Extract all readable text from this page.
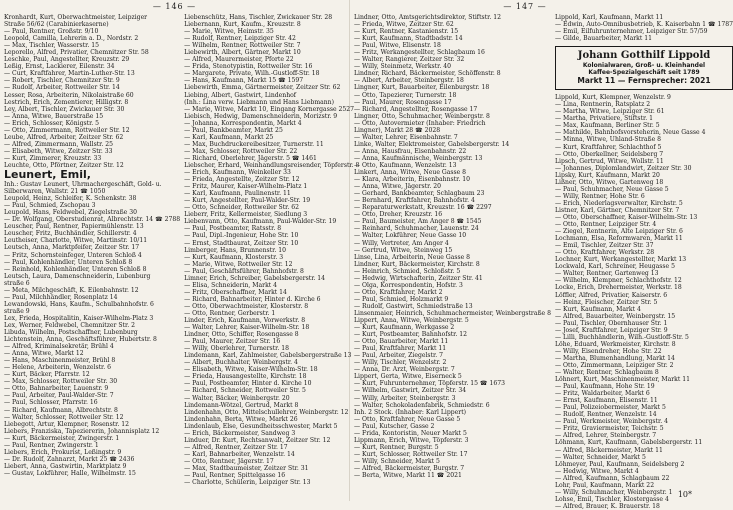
— 146 —
Kronhardt, Kurt, Oberwachtmeister, Leipziger
Straße 56/62 (Carabinierkaserne)
— Paul, Rentner, Großstr. 9/10
Leopold, Camilla, Lehrerin a. D., Nordstr. 2
— Max, Tischler, Wasserstr. 15
Leporello, Alfred, Privatier, Chemnitzer Str. 58
Leschke, Paul, Angestellter, Kreuzstr. 29
Leßig, Ernst, Lackierer, Eilenstr. 34
— Curt, Kraftfahrer, Martin-Luther-Str. 13
— Robert, Tischler, Chemnitzer Str. 9
— Rudolf, Arbeiter, Rottweiler Str. 14
Lesser, Rosa, Arbeiterin, Nikolaistraße 60
Lestrich, Erich, Zementierer, Hilligstr. 8
Ley, Albert, Tischler, Zwickauer Str. 30
— Anna, Witwe, Bauerstraße 15
— Erich, Schlosser, Königstr. 5
— Otto, Zimmermann, Rottweiler Str. 12
Leube, Alfred, Arbeiter, Zeitzer Str. 62
— Alfred, Zimmermann, Wallstr. 25
— Elisabeth, Witwe, Zeitzer Str. 33
— Kurt, Zimmerer, Kreuzstr. 33
Leuchte, Otto, Pförtner, Zeitzer Str. 12
Leunert, Emil,
Inh.: Gustav Leunert, Uhrmachergeschäft, Gold- u.
Silberwaren, Wallstr. 21 ☎ 1050
Leupold, Heinz, Schleifer, K. Schenkstr. 38
— Paul, Schmied, Zschopau 3
Leupold, Hans, Feldwebel, Ziegelstraße 30
— Dr. Wolfgang, Oberstudienrat, Albrechtstr. 14 ☎ 2788
Leuscher, Paul, Rentner, Papiermühlenstr. 13
Leuscher, Fritz, Buchhändler, Schillerstr. 4
Leutheiser, Charlotte, Witwe, Martinstr. 10/11
Leutsch, Anna, Marktpfeifer, Zeitzer Str. 17
— Fritz, Schornsteinfeger, Unteren Schloß 4
— Paul, Kohlenhändler, Unteren Schloß 8
— Reinhold, Kohlenhändler, Unteren Schloß 8
Leutsch, Laura, Damenschneiderin, Lubenburg
straße 6
— Meta, Milchgeschäft, K. Eilenbahnstr. 12
— Paul, Milchhändler, Rosenplatz 14
Lewandowski, Hans, Kaufm., Schulbahnhofstr. 6
straße 9
Lex, Frieda, Hospitalitin, Kaiser-Wilhelm-Platz 3
Lex, Werner, Feldwebel, Chemnitzer Str. 2
Libuda, Wilhelm, Postschaffner, Lubenburg
Lichtenstein, Anna, Geschäftsführer, Hubertstr. 8
— Alfred, Kriminalsekretär, Brühl 4
— Anna, Witwe, Markt 12
— Hans, Maschinenmeister, Brühl 8
— Helene, Arbeiterin, Wenzelstr. 6
— Kurt, Bäcker, Pfarrstr. 12
— Max, Schlosser, Rottweiler Str. 30
— Otto, Bahnarbeiter, Lauenstr. 9
— Paul, Arbeiter, Paul-Walder-Str. 7
— Paul, Schlosser, Pfarrstr. 16
— Richard, Kaufmann, Albrechtstr. 8
— Walter, Schlosser, Rottweiler Str. 12
Liebegott, Artur, Klempner, Rosenstr. 12
Liebers, Franziska, Tapeziererin, Johannisplatz 12
— Kurt, Bäckermeister, Zwingerstr. 1
— Paul, Rentner, Zwingerstr. 1
Liebers, Erich, Prokurist, Leßingstr. 9
— Dr. Rudolf, Zahnarzt, Markt 25 ☎ 2436
Liebert, Anna, Gastwirtin, Marktplatz 9
— Gustav, Lokführer, Halle, Wilhelmstr. 15
Liebenschütz, Hans, Tischler, Zwickauer Str. 28
Liebernann, Kurt, Kaufm., Kreuzstr. 8
— Marie, Witwe, Heimstr. 35
— Rudolf, Rentner, Leipziger Str. 42
— Wilhelm, Rentner, Rottweiler Str. 7
Liebewirth, Albert, Gärtner, Markt 10
— Alfred, Maurermeister, Pforte 22
— Frida, Stenotypistin, Rottweiler Str. 16
— Margarete, Private, Wilh.-Gustloff-Str. 18
— Hans, Kaufmann, Markt 15 ☎ 1597
Liebewirth, Emma, Gärtnermeister, Zeitzer Str. 62
Liebing, Albert, Gastwirt, Lindenhof
(Inh.: Lina verw. Liebmann und Hans Liebmann)
— Marie, Witwe, Markt 10, Eingang Kornergasse 2527
Liebisch, Hedwig, Damenschneiderin, Morizstr. 9
— Johanna, Korrespondentin, Markt 4
— Paul, Bankbeamter, Markt 25
— Karl, Kaufmann, Markt 25
— Max, Buchdruckereibesitzer, Turnerstr. 11
— Max, Schlosser, Rottweiler Str. 22
— Richard, Oberlehrer, Jägerstr. 5 ☎ 1461
Liebscher, Erhard, Weinhandlungsreisender, Töpferstr. 8
— Erich, Kaufmann, Weinkeller 33
— Frieda, Angestellte, Zeitzer Str. 12
— Fritz, Maurer, Kaiser-Wilhelm-Platz 1
— Karl, Kaufmann, Paulinenstr. 11
— Kurt, Angestellter, Paul-Walder-Str. 19
— Otto, Schneider, Rottweiler Str. 62
Lieberr, Fritz, Kellermeister, Siedlung 3
Liebenvann, Otto, Kaufmann, Paul-Walder-Str. 19
— Paul, Postbeamter, Ratsstr. 8
— Paul, Dipl.-Ingenieur, Hohe Str. 10
— Ernst, Stadtbaurat, Zeitzer Str. 10
Limberger, Hans, Brunnenstr. 10
— Kurt, Kaufmann, Klosterstr. 3
— Marie, Witwe, Rottweiler Str. 12
— Paul, Geschäftsführer, Bahnhofstr. 8
Limner, Erich, Schreiber, Gabelsbergerstr. 14
— Elisa, Schneiderin, Markt 4
— Fritz, Oberschaffner, Markt 14
— Richard, Bahnarbeiter, Hinter d. Kirche 6
— Otto, Oberwachtmeister, Klosterstr. 8
— Otto, Rentner, Gerberstr. 1
Linder, Erich, Kaufmann, Vorwerkstr. 8
— Walter, Lehrer, Kaiser-Wilhelm-Str. 18
Lindner, Otto, Schiffer, Rosengasse 8
— Paul, Maurer, Zeitzer Str. 16
— Willy, Oberlehrer, Turnerstr. 18
Lindemann, Karl, Zahlmeister, Gabelsbergerstraße 13
— Albert, Buchhalter, Weinbergstr. 4
— Elisabeth, Witwe, Kaiser-Wilhelm-Str. 18
— Frieda, Hausangestellte, Kirchstr. 18
— Paul, Postbeamter, Hinter d. Kirche 10
— Richard, Schneider, Rottweiler Str. 5
— Walter, Bäcker, Weinbergstr. 20
Lindemann-Wötzel, Gertrud, Markt 8
Lindenhahn, Otto, Mittelschullehrer, Weinbergstr. 12
Lindenhahn, Berta, Witwe, Markt 26
Lindenlaub, Else, Gesundheitsschwester, Markt 5
— Erich, Bäckermeister, Sandweg 3
Linduer, Dr. Kurt, Rechtsanwalt, Zeitzer Str. 12
— Alfred, Rentner, Zeitzer Str. 17
— Karl, Bahnarbeiter, Wenzelstr. 14
— Otto, Rentner, Jägerstr. 17
— Max, Stadtbaumeister, Zeitzer Str. 31
— Paul, Rentner, Spittelgasse 16
— Charlotte, Schülerin, Leipziger Str. 13
— 147 —
Lindner, Otto, Amtsgerichtsdirektor, Stiftstr. 12
— Frieda, Witwe, Zeitzer Str. 62
— Kurt, Rentner, Kastanienstr. 15
— Kurt, Kaufmann, Stadtbadstr. 14
— Paul, Witwe, Elisenstr. 18
— Fritz, Werkangestellter, Schlagbaum 16
— Walter, Rangierer, Zeitzer Str. 32
— Willy, Steinmetz, Werkstr. 40
Lindner, Richard, Bäckermeister, Schöffenstr. 8
— Albert, Arbeiter, Steinbergstr. 18
Lingner, Kurt, Bauarbeiter, Eilenburgstr. 18
— Otto, Tapezierer, Turnerstr. 18
— Paul, Maurer, Rosengasse 17
— Richard, Angestellter, Rosengasse 17
Lingner, Otto, Schuhmacher, Weinbergstr. 8
— Otto, Autovermieter (Inhaber: Friedrich
Lingner), Markt 28 ☎ 2028
— Walter, Lehrer, Eisenbahnstr. 7
Linke, Walter, Elektromeister, Gabelsbergerstr. 14
— Anna, Hausfrau, Eisenbahnstr. 22
— Anna, Kaufmännische, Weinbergstr. 13
— Otto, Kaufmann, Wenzelstr. 13
Linkert, Anna, Witwe, Neue Gasse 8
— Klara, Arbeiterin, Eisenbahnstr. 10
— Anna, Witwe, Jägerstr. 20
— Gerhard, Bankbeamter, Schlagbaum 23
— Bernhard, Kraftfahrer, Bahnhofstr. 4
— Reparaturwerkstatt, Kreuzstr. 16 ☎ 2297
— Otto, Dreher, Kreuzstr. 16
— Paul, Baumeister, Am Anger 8 ☎ 1545
— Reinhard, Schuhmacher, Lauenstr. 24
— Walter, Lokführer, Neue Gasse 10
— Willy, Vertreter, Am Anger 4
— Gertrud, Witwe, Steinweg 15
Linse, Lina, Arbeiterin, Neue Gasse 8
Lindner, Kurt, Bäckermeister, Kirchstr. 8
— Heinrich, Schmied, Schloßstr. 5
— Hedwig, Wirtschafterin, Zeitzer Str. 41
— Olga, Korrespondentin, Hofstr. 3
— Otto, Kraftfahrer, Markt 2
— Paul, Schmied, Holzmarkt 9
— Rudolf, Gastwirt, Schmiedstraße 13
Linsenmaier, Heinrich, Schuhmachermeister, Weinbergstraße 8
Lippert, Anna, Witwe, Weinbergstr. 5
— Kurt, Kaufmann, Werkgasse 2
— Kurt, Postbeamter, Bahnhofstr. 12
— Otto, Bauarbeiter, Markt 11
— Paul, Kraftfahrer, Markt 11
— Paul, Arbeiter, Ziegelstr. 7
— Willy, Tischler, Wenzelstr. 2
— Anna, Dr. Arzt, Weinbergstr. 7
Lippert, Gerta, Witwe, Eiserneck 5
— Kurt, Fuhrunternehmer, Töpferstr. 15 ☎ 1673
— Wilhelm, Gastwirt, Zeitzer Str. 34
— Willy, Arbeiter, Steinbergstr. 3
— Walter, Schokoladenfabrik, Schmiedstr. 6
Inh. 2 Stock. (Inhaber: Karl Lippert)
— Otto, Kraftfahrer, Neue Gasse 5
— Paul, Kutscher, Gasse 2
— Frida, Kontoristin, Neuer Markt 5
Lippmann, Erich, Witwe, Töpferstr. 3
— Kurt, Rentner, Burgstr. 5
— Kurt, Schlosser, Rottweiler Str. 17
— Willy, Schneider, Markt 5
— Alfred, Bäckermeister, Burgstr. 7
— Berta, Witwe, Markt 11 ☎ 2021
Lippold, Karl, Kaufmann, Markt 11
— Edwin, Auto-Omnibusbetrieb, K. Kaiserbahn 1 ☎ 1787
— Emil, Eilfuhrunternehmer, Leipziger Str. 57/59
— Gilde, Bauarbeiter, Markt 11
Johann Gotthilf Lippold
Kolonialwaren, Groß- u. Kleinhandel
Kaffee-Spezialgeschäft seit 1789
Markt 11 — Fernsprecher: 2021
Lippold, Kurt, Klempner, Wenzelstr. 9
— Lina, Rentnerin, Ratsplatz 2
— Martha, Witwe, Leipziger Str. 61
— Martha, Privatiere, Stiftstr. 1
— Max, Kaufmann, Berliner Str. 5
— Mathilde, Bahnhofsvorsteherin, Neue Gasse 4
— Minna, Witwe, Uhland-Straße 8
— Kurt, Kraftfahrer, Schlachthof 5
— Otto, Oberkellner, Seidelsberg 7
Lipsch, Gertrud, Witwe, Wollstr. 11
— Johannes, Diplomlandwirt, Zeitzer Str. 30
Lipsky, Kurt, Kaufmann, Markt 20
Lißner, Otto, Witwe, Gartenweg 18
— Paul, Schuhmacher, Neue Gasse 5
— Willy, Rentner, Hohe Str. 6
— Erich, Niederlagsverwalter, Kirchstr. 5
Listner, Karl, Gärtner, Chemnitzer Str. 7
— Otto, Oberschaffner, Kaiser-Wilhelm-Str. 13
— Otto, Rentner, Leipziger Str. 4
— Ziegel, Rentnerin, Alte Leipziger Str. 6
Lochmann, Elsa, Reformwaren, Markt 11
— Emil, Tischler, Zeitzer Str. 37
— Otto, Kraftfahrer, Werkstr. 28
Lochner, Kurt, Werkangestellter, Markt 13
Lockwald, Karl, Schreiner, Heugasse 5
— Walter, Rentner, Gartenweg 13
— Wilhelm, Klempner, Schlachthofstr. 12
Locke, Erich, Drehermeister, Werkstr. 18
Löffler, Alfred, Privatier, Kaiserstr. 6
— Heinz, Fleischer, Zeitzer Str. 5
— Kurt, Kaufmann, Markt 4
— Alfred, Bauarbeiter, Weinbergstr. 15
— Paul, Tischler, Obernhauser Str. 1
— Josef, Kraftfahrer, Leipziger Str. 9
— Lilli, Buchhändlerin, Wilh.-Gustloff-Str. 5
Löhe, Eduard, Werkmeister, Kirchstr. 8
— Willy, Eisendreher, Hohe Str. 22
— Martha, Blumenhandlung, Markt 14
— Otto, Zimmermann, Leipziger Str. 2
— Walter, Rentner, Schlagbaum 8
Löhnert, Kurt, Maschinenmeister, Markt 11
— Paul, Kaufmann, Hohe Str. 19
— Fritz, Waldarbeiter, Markt 6
— Ernst, Kaufmann, Elisenstr. 11
— Paul, Polizeiobermeister, Markt 5
— Rudolf, Rentner, Wenzelstr. 14
— Paul, Werkmeister, Weinbergstr. 4
— Fritz, Graviermeister, Teichstr. 5
— Alfred, Lehrer, Steinbergstr. 7
Löhmann, Kurt, Kaufmann, Gabelsbergerstr. 11
— Alfred, Bäckermeister, Markt 11
— Walter, Schneider, Markt 5
Löhmeyer, Paul, Kaufmann, Seidelsberg 2
— Hedwig, Witwe, Markt 4
— Alfred, Kaufmann, Schlagbaum 22
Lohr, Paul, Kaufmann, Markt 22
— Willy, Schuhmacher, Weinbergstr. 1
Lohse, Emil, Tischler, Klostergasse 4
— Alfred, Brauer, K. Brauerstr. 18
10*
